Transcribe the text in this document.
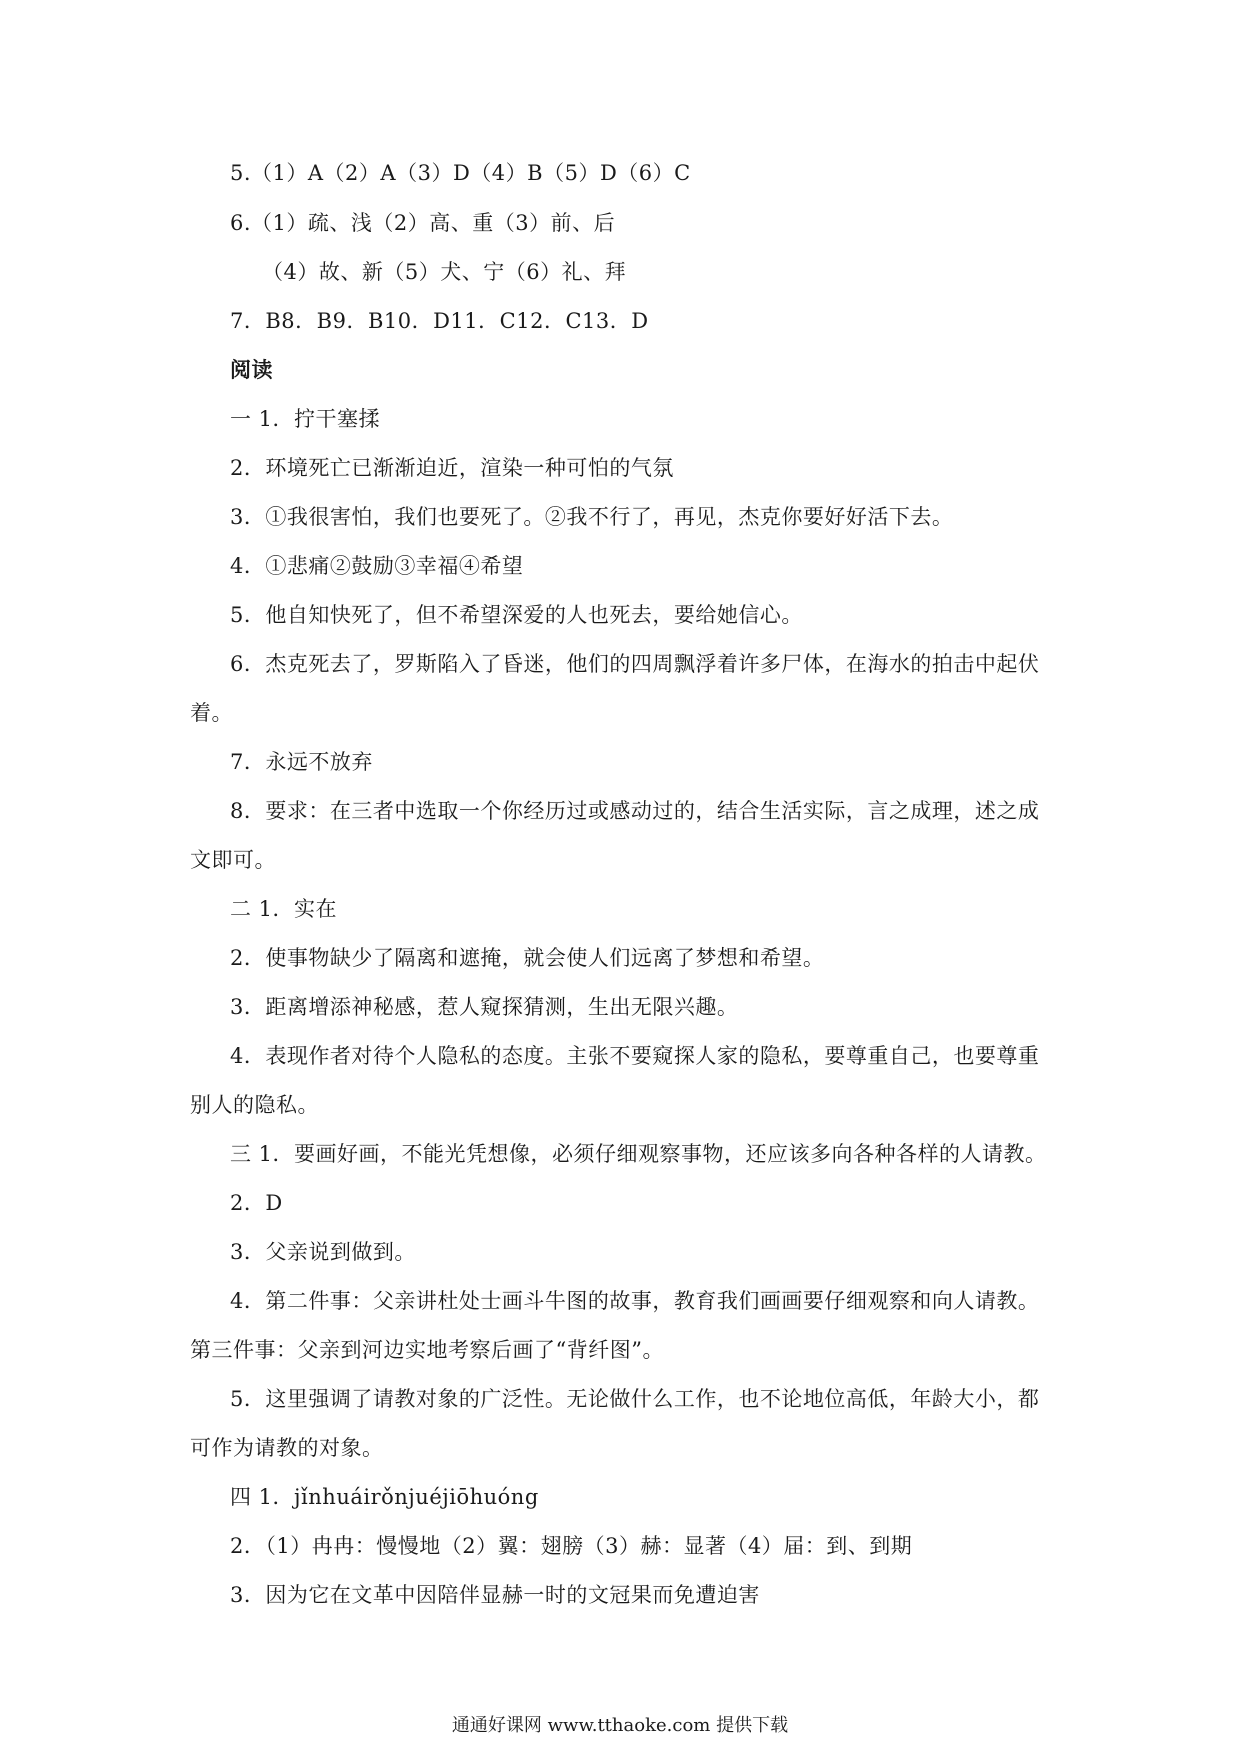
5.（1）A（2）A（3）D（4）B（5）D（6）C
6.（1）疏、浅（2）高、重（3）前、后
（4）故、新（5）犬、宁（6）礼、拜
7．B8．B9．B10．D11．C12．C13．D
阅读
一 1．拧干塞揉
2．环境死亡已渐渐迫近，渲染一种可怕的气氛
3．①我很害怕，我们也要死了。②我不行了，再见，杰克你要好好活下去。
4．①悲痛②鼓励③幸福④希望
5．他自知快死了，但不希望深爱的人也死去，要给她信心。
6．杰克死去了，罗斯陷入了昏迷，他们的四周飘浮着许多尸体，在海水的拍击中起伏
着。
7．永远不放弃
8．要求：在三者中选取一个你经历过或感动过的，结合生活实际，言之成理，述之成
文即可。
二 1．实在
2．使事物缺少了隔离和遮掩，就会使人们远离了梦想和希望。
3．距离增添神秘感，惹人窥探猜测，生出无限兴趣。
4．表现作者对待个人隐私的态度。主张不要窥探人家的隐私，要尊重自己，也要尊重
别人的隐私。
三 1．要画好画，不能光凭想像，必须仔细观察事物，还应该多向各种各样的人请教。
2．D
3．父亲说到做到。
4．第二件事：父亲讲杜处士画斗牛图的故事，教育我们画画要仔细观察和向人请教。
第三件事：父亲到河边实地考察后画了“背纤图”。
5．这里强调了请教对象的广泛性。无论做什么工作，也不论地位高低，年龄大小，都
可作为请教的对象。
四 1．jǐnhuáirǒnjuéjiōhuóng
2．（1）冉冉：慢慢地（2）翼：翅膀（3）赫：显著（4）届：到、到期
3．因为它在文革中因陪伴显赫一时的文冠果而免遭迫害
通通好课网 www.tthaoke.com 提供下载
